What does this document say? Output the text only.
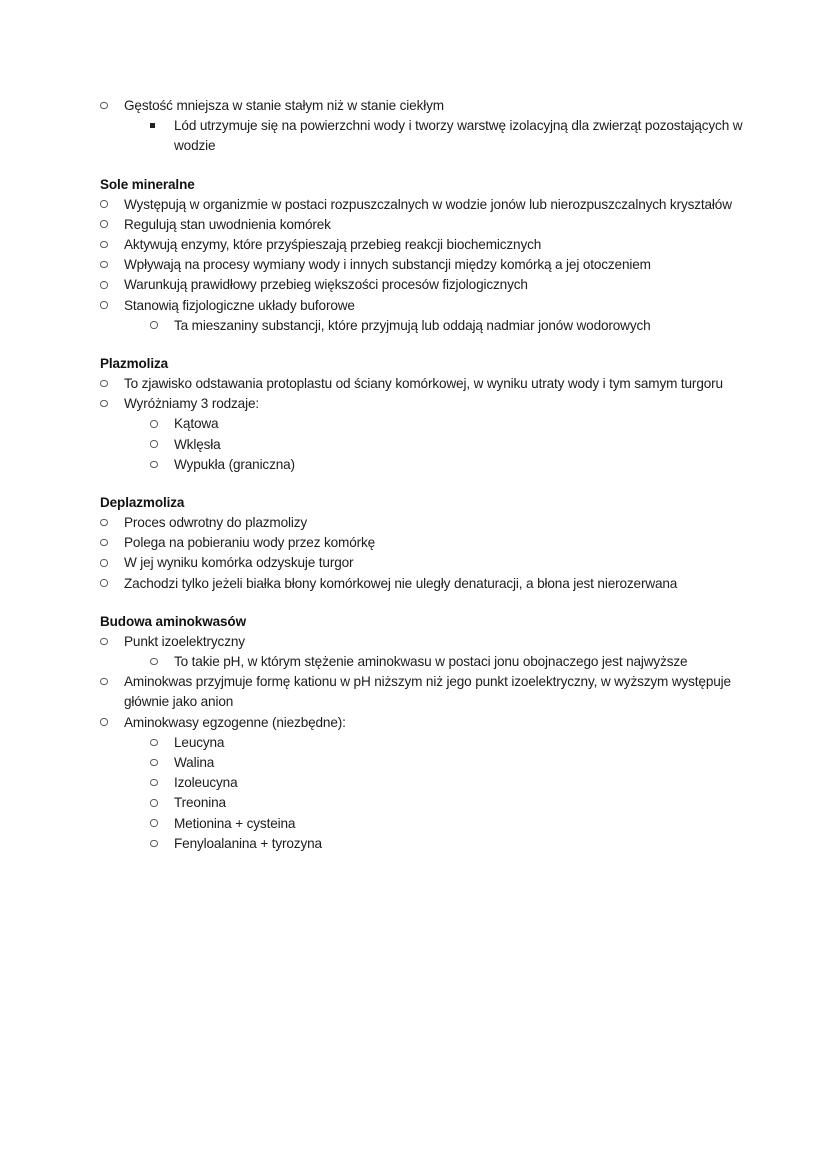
Gęstość mniejsza w stanie stałym niż w stanie ciekłym
Lód utrzymuje się na powierzchni wody i tworzy warstwę izolacyjną dla zwierząt pozostających w wodzie
Sole mineralne
Występują w organizmie w postaci rozpuszczalnych w wodzie jonów lub nierozpuszczalnych kryształów
Regulują stan uwodnienia komórek
Aktywują enzymy, które przyśpieszają przebieg reakcji biochemicznych
Wpływają na procesy wymiany wody i innych substancji między komórką a jej otoczeniem
Warunkują prawidłowy przebieg większości procesów fizjologicznych
Stanowią fizjologiczne układy buforowe
Ta mieszaniny substancji, które przyjmują lub oddają nadmiar jonów wodorowych
Plazmoliza
To zjawisko odstawania protoplastu od ściany komórkowej, w wyniku utraty wody i tym samym turgoru
Wyróżniamy 3 rodzaje:
Kątowa
Wklęsła
Wypukła (graniczna)
Deplazmoliza
Proces odwrotny do plazmolizy
Polega na pobieraniu wody przez komórkę
W jej wyniku komórka odzyskuje turgor
Zachodzi tylko jeżeli białka błony komórkowej nie uległy denaturacji, a błona jest nierozerwana
Budowa aminokwasów
Punkt izoelektryczny
To takie pH, w którym stężenie aminokwasu w postaci jonu obojnaczego jest najwyższe
Aminokwas przyjmuje formę kationu w pH niższym niż jego punkt izoelektryczny, w wyższym występuje głównie jako anion
Aminokwasy egzogenne (niezbędne):
Leucyna
Walina
Izoleucyna
Treonina
Metionina + cysteina
Fenyloalanina + tyrozyna
